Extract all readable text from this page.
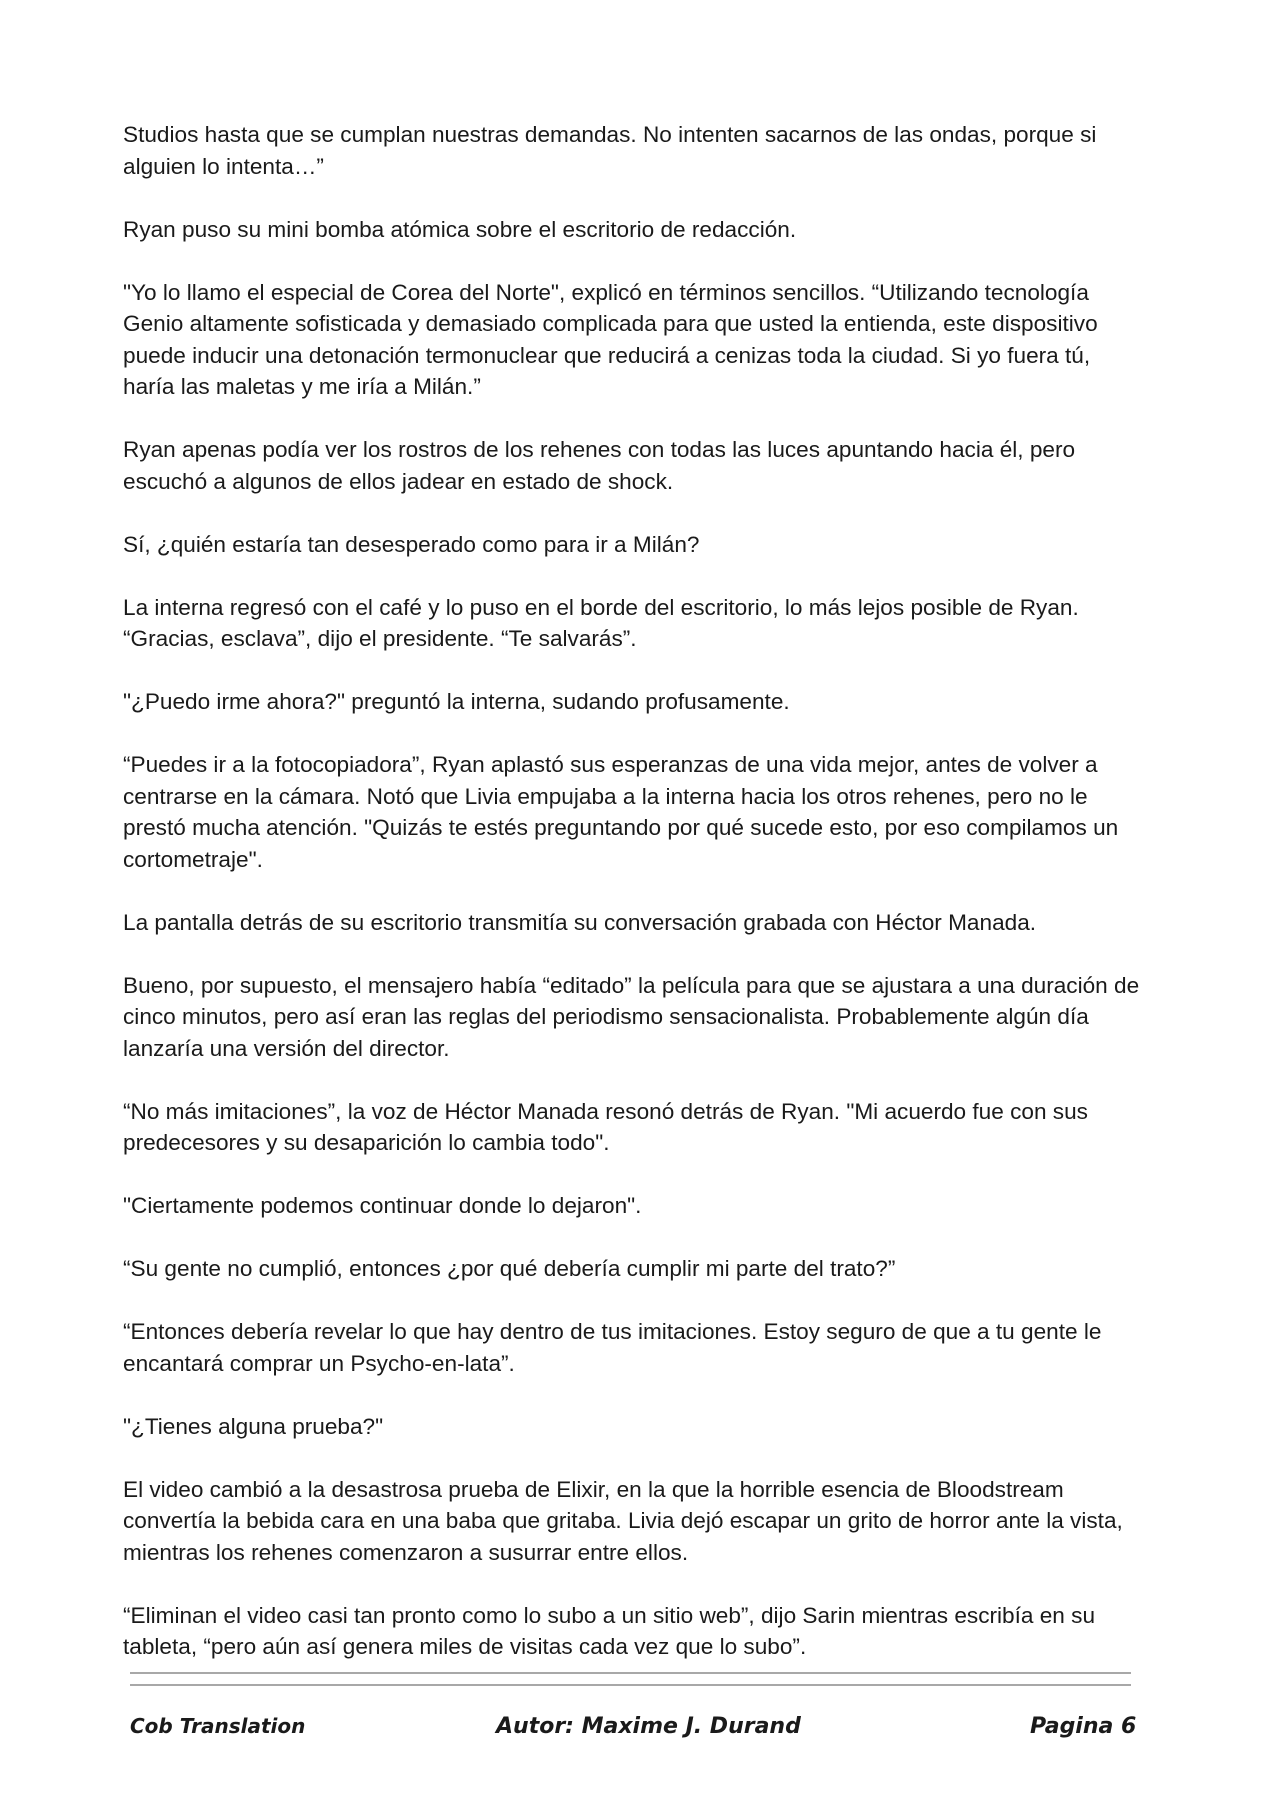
Studios hasta que se cumplan nuestras demandas. No intenten sacarnos de las ondas, porque si alguien lo intenta…”

Ryan puso su mini bomba atómica sobre el escritorio de redacción.

"Yo lo llamo el especial de Corea del Norte", explicó en términos sencillos. “Utilizando tecnología Genio altamente sofisticada y demasiado complicada para que usted la entienda, este dispositivo puede inducir una detonación termonuclear que reducirá a cenizas toda la ciudad. Si yo fuera tú, haría las maletas y me iría a Milán.”

Ryan apenas podía ver los rostros de los rehenes con todas las luces apuntando hacia él, pero escuchó a algunos de ellos jadear en estado de shock.

Sí, ¿quién estaría tan desesperado como para ir a Milán?

La interna regresó con el café y lo puso en el borde del escritorio, lo más lejos posible de Ryan. “Gracias, esclava”, dijo el presidente. “Te salvarás”.

"¿Puedo irme ahora?" preguntó la interna, sudando profusamente.

“Puedes ir a la fotocopiadora”, Ryan aplastó sus esperanzas de una vida mejor, antes de volver a centrarse en la cámara. Notó que Livia empujaba a la interna hacia los otros rehenes, pero no le prestó mucha atención. "Quizás te estés preguntando por qué sucede esto, por eso compilamos un cortometraje".

La pantalla detrás de su escritorio transmitía su conversación grabada con Héctor Manada.

Bueno, por supuesto, el mensajero había “editado” la película para que se ajustara a una duración de cinco minutos, pero así eran las reglas del periodismo sensacionalista. Probablemente algún día lanzaría una versión del director.

“No más imitaciones”, la voz de Héctor Manada resonó detrás de Ryan. "Mi acuerdo fue con sus predecesores y su desaparición lo cambia todo".

"Ciertamente podemos continuar donde lo dejaron".

“Su gente no cumplió, entonces ¿por qué debería cumplir mi parte del trato?”

“Entonces debería revelar lo que hay dentro de tus imitaciones. Estoy seguro de que a tu gente le encantará comprar un Psycho-en-lata”.

"¿Tienes alguna prueba?"

El video cambió a la desastrosa prueba de Elixir, en la que la horrible esencia de Bloodstream convertía la bebida cara en una baba que gritaba. Livia dejó escapar un grito de horror ante la vista, mientras los rehenes comenzaron a susurrar entre ellos.

“Eliminan el video casi tan pronto como lo subo a un sitio web”, dijo Sarin mientras escribía en su tableta, “pero aún así genera miles de visitas cada vez que lo subo”.

Cob Translation	Autor: Maxime J. Durand	Pagina 6
